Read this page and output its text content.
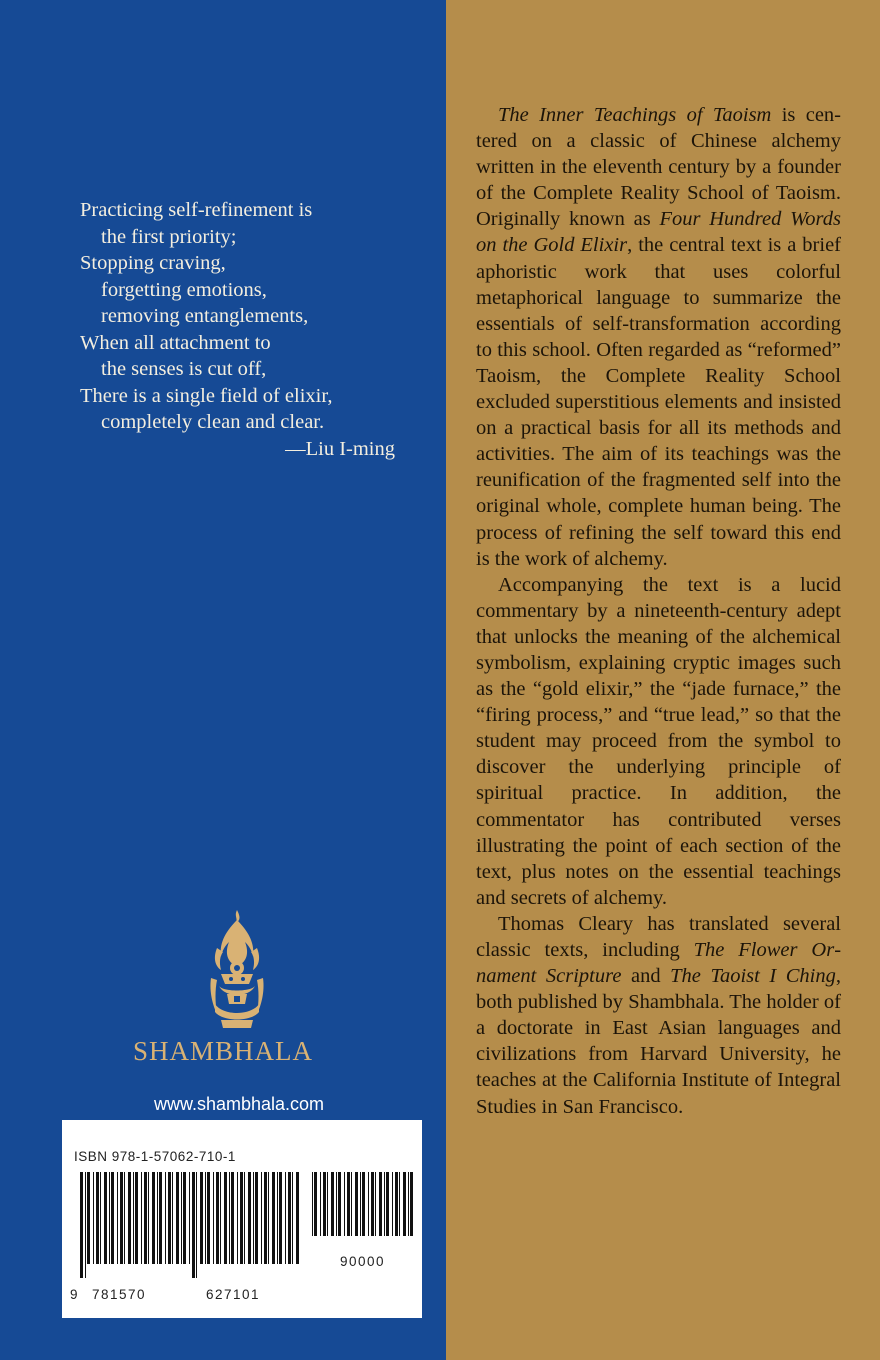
Practicing self-refinement is
the first priority;
Stopping craving,
forgetting emotions,
removing entanglements,
When all attachment to
the senses is cut off,
There is a single field of elixir,
completely clean and clear.
—Liu I-ming
SHAMBHALA
www.shambhala.com
ISBN 978-1-57062-710-1
9 781570	627101
90000

The Inner Teachings of Taoism is centered on a classic of Chinese alchemy written in the eleventh century by a founder of the Complete Reality School of Taoism. Originally known as Four Hundred Words on the Gold Elixir, the central text is a brief aphoristic work that uses colorful metaphorical language to summarize the essentials of self-transformation according to this school. Often regarded as “reformed” Taoism, the Complete Reality School excluded superstitious elements and insisted on a practical basis for all its methods and activities. The aim of its teachings was the reunification of the fragmented self into the original whole, complete human being. The process of refining the self toward this end is the work of alchemy.

Accompanying the text is a lucid commentary by a nineteenth-century adept that unlocks the meaning of the alchemical symbolism, explaining cryptic images such as the “gold elixir,” the “jade furnace,” the “firing process,” and “true lead,” so that the student may proceed from the symbol to discover the underlying principle of spiritual practice. In addition, the commentator has contributed verses illustrating the point of each section of the text, plus notes on the essential teachings and secrets of alchemy.

Thomas Cleary has translated several classic texts, including The Flower Ornament Scripture and The Taoist I Ching, both published by Shambhala. The holder of a doctorate in East Asian languages and civilizations from Harvard University, he teaches at the California Institute of Integral Studies in San Francisco.
